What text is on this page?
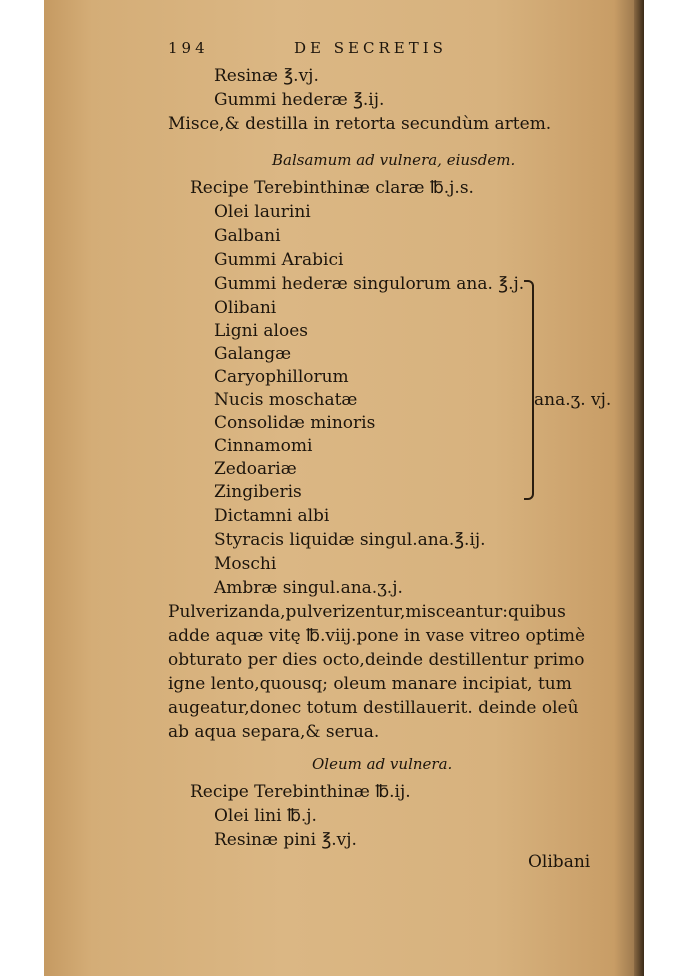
194	DE SECRETIS
Resinæ ℥.vj.
Gummi hederæ ℥.ij.
Misce,& destilla in retorta secundùm artem.
Balsamum ad vulnera, eiusdem.
Recipe Terebinthinæ claræ ℔.j.s.
Olei laurini
Galbani
Gummi Arabici
Gummi hederæ singulorum ana. ℥.j.
Olibani
Ligni aloes
Galangæ
Caryophillorum
Nucis moschatæ
Consolidæ minoris
Cinnamomi
Zedoariæ
Zingiberis
Dictamni albi
Styracis liquidæ singul.ana.℥.ij.
Moschi
Ambræ singul.ana.ʒ.j.
ana.ʒ. vj.
Pulverizanda,pulverizentur,misceantur:quibus
adde aquæ vitę ℔.viij.pone in vase vitreo optimè
obturato per dies octo,deinde destillentur primo
igne lento,quousq; oleum manare incipiat, tum
augeatur,donec totum destillauerit. deinde oleû
ab aqua separa,& serua.
Oleum ad vulnera.
Recipe Terebinthinæ ℔.ij.
Olei lini ℔.j.
Resinæ pini ℥.vj.
Olibani
